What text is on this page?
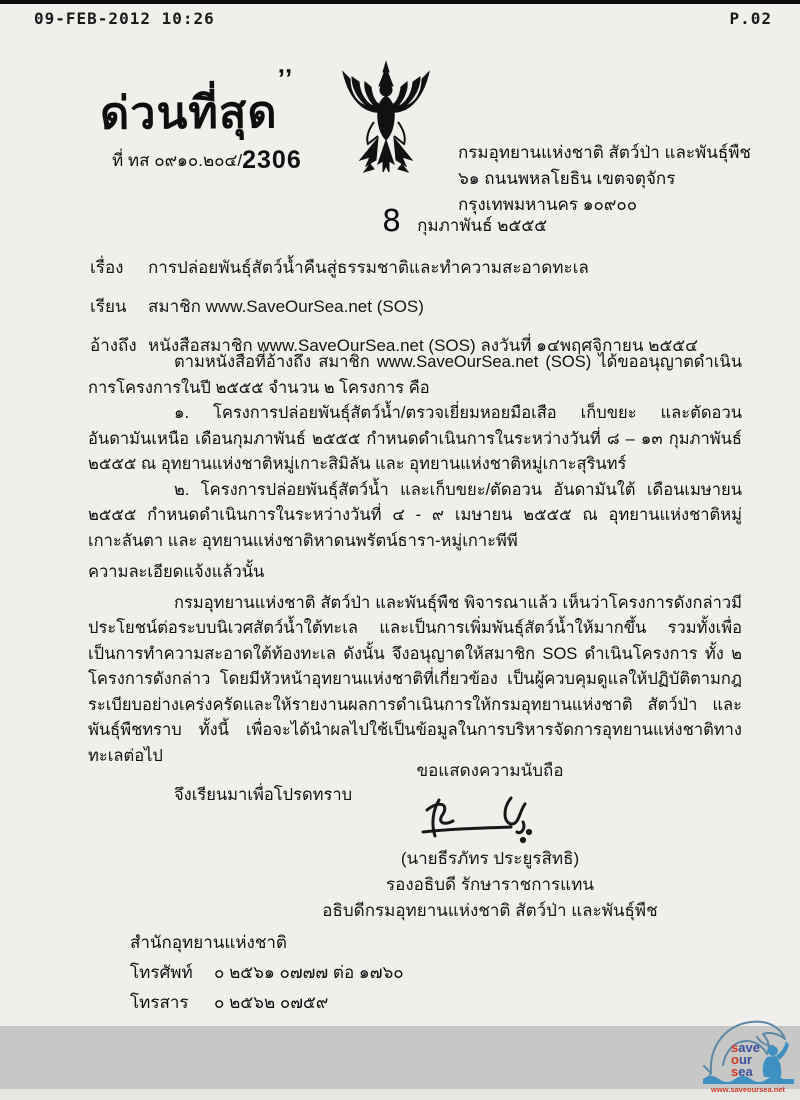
09-FEB-2012 10:26	P.02
ด่วนที่สุด ’’
ที่ ทส ๐๙๑๐.๒๐๔/2306	กรมอุทยานแห่งชาติ สัตว์ป่า และพันธุ์พืช
๖๑ ถนนพหลโยธิน เขตจตุจักร
กรุงเทพมหานคร ๑๐๙๐๐
8 กุมภาพันธ์ ๒๕๕๕
เรื่อง	การปล่อยพันธุ์สัตว์น้ำคืนสู่ธรรมชาติและทำความสะอาดทะเล
เรียน	สมาชิก www.SaveOurSea.net (SOS)
อ้างถึง หนังสือสมาชิก www.SaveOurSea.net (SOS) ลงวันที่ ๑๔พฤศจิกายน ๒๕๕๔

ตามหนังสือที่อ้างถึง สมาชิก www.SaveOurSea.net (SOS) ได้ขออนุญาตดำเนินการโครงการในปี ๒๕๕๕ จำนวน ๒ โครงการ คือ

๑. โครงการปล่อยพันธุ์สัตว์น้ำ/ตรวจเยี่ยมหอยมือเสือ เก็บขยะ และตัดอวนอันดามันเหนือ เดือนกุมภาพันธ์ ๒๕๕๕ กำหนดดำเนินการในระหว่างวันที่ ๘ – ๑๓ กุมภาพันธ์ ๒๕๕๕ ณ อุทยานแห่งชาติหมู่เกาะสิมิลัน และ อุทยานแห่งชาติหมู่เกาะสุรินทร์

๒. โครงการปล่อยพันธุ์สัตว์น้ำ และเก็บขยะ/ตัดอวน อันดามันใต้ เดือนเมษายน ๒๕๕๕ กำหนดดำเนินการในระหว่างวันที่ ๔ - ๙ เมษายน ๒๕๕๕ ณ อุทยานแห่งชาติหมู่เกาะลันตา และ อุทยานแห่งชาติหาดนพรัตน์ธารา-หมู่เกาะพีพี

ความละเอียดแจ้งแล้วนั้น

กรมอุทยานแห่งชาติ สัตว์ป่า และพันธุ์พืช พิจารณาแล้ว เห็นว่าโครงการดังกล่าวมีประโยชน์ต่อระบบนิเวศสัตว์น้ำใต้ทะเล และเป็นการเพิ่มพันธุ์สัตว์น้ำให้มากขึ้น รวมทั้งเพื่อเป็นการทำความสะอาดใต้ท้องทะเล ดังนั้น จึงอนุญาตให้สมาชิก SOS ดำเนินโครงการ ทั้ง ๒ โครงการดังกล่าว โดยมีหัวหน้าอุทยานแห่งชาติที่เกี่ยวข้อง เป็นผู้ควบคุมดูแลให้ปฏิบัติตามกฎระเบียบอย่างเคร่งครัดและให้รายงานผลการดำเนินการให้กรมอุทยานแห่งชาติ สัตว์ป่า และพันธุ์พืชทราบ ทั้งนี้ เพื่อจะได้นำผลไปใช้เป็นข้อมูลในการบริหารจัดการอุทยานแห่งชาติทางทะเลต่อไป

จึงเรียนมาเพื่อโปรดทราบ

ขอแสดงความนับถือ
(นายธีรภัทร ประยูรสิทธิ)
รองอธิบดี รักษาราชการแทน
อธิบดีกรมอุทยานแห่งชาติ สัตว์ป่า และพันธุ์พืช
สำนักอุทยานแห่งชาติ
โทรศัพท์	๐ ๒๕๖๑ ๐๗๗๗ ต่อ ๑๗๖๐
โทรสาร	๐ ๒๕๖๒ ๐๗๕๙
save
our
sea
www.saveoursea.net
